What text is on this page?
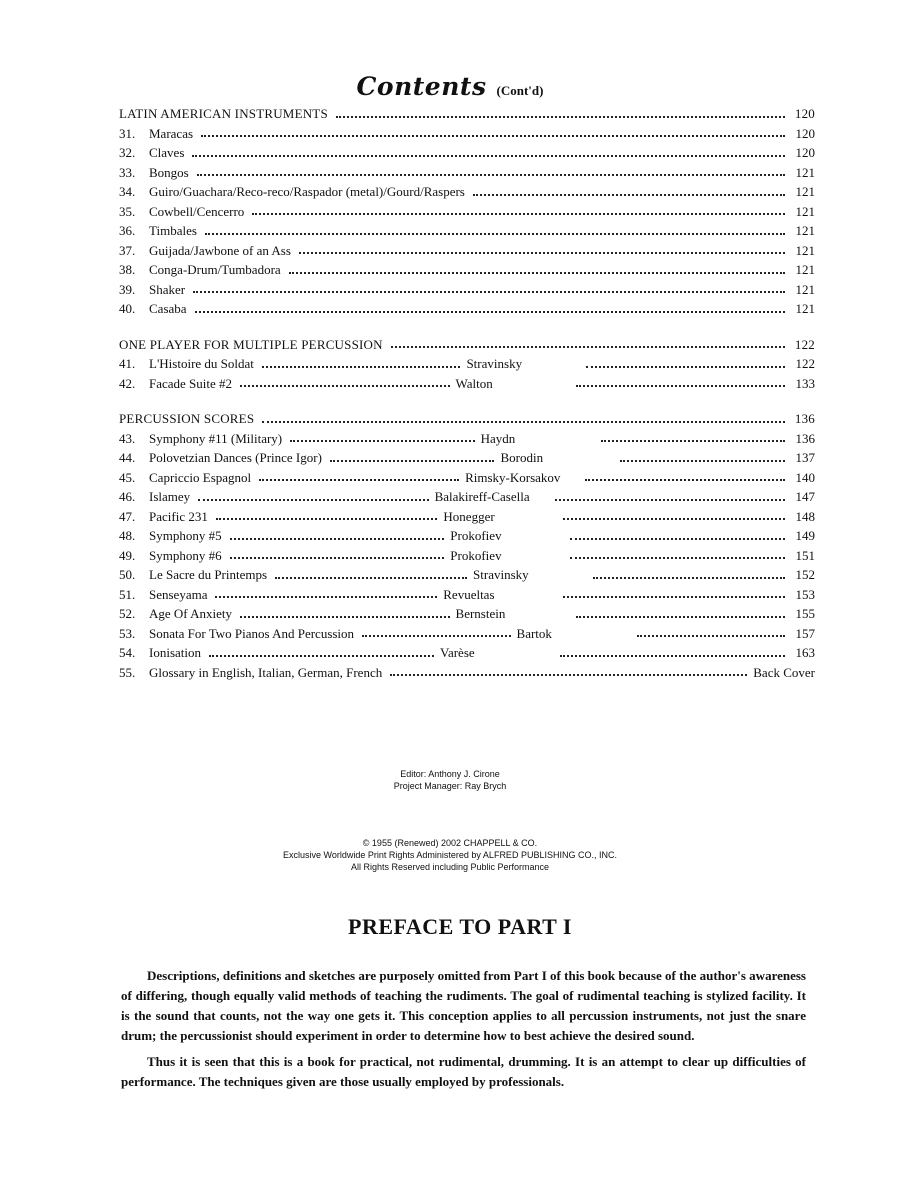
Contents (Cont'd)
LATIN AMERICAN INSTRUMENTS	120
31.	Maracas	120
32.	Claves	120
33.	Bongos	121
34.	Guiro/Guachara/Reco-reco/Raspador (metal)/Gourd/Raspers	121
35.	Cowbell/Cencerro	121
36.	Timbales	121
37.	Guijada/Jawbone of an Ass	121
38.	Conga-Drum/Tumbadora	121
39.	Shaker	121
40.	Casaba	121
ONE PLAYER FOR MULTIPLE PERCUSSION	122
41.	L'Histoire du Soldat	Stravinsky	122
42.	Facade Suite #2	Walton	133
PERCUSSION SCORES	136
43.	Symphony #11 (Military)	Haydn	136
44.	Polovetzian Dances (Prince Igor)	Borodin	137
45.	Capriccio Espagnol	Rimsky-Korsakov	140
46.	Islamey	Balakireff-Casella	147
47.	Pacific 231	Honegger	148
48.	Symphony #5	Prokofiev	149
49.	Symphony #6	Prokofiev	151
50.	Le Sacre du Printemps	Stravinsky	152
51.	Senseyama	Revueltas	153
52.	Age Of Anxiety	Bernstein	155
53.	Sonata For Two Pianos And Percussion	Bartok	157
54.	Ionisation	Varèse	163
55.	Glossary in English, Italian, German, French	Back Cover
Editor: Anthony J. Cirone
Project Manager: Ray Brych
© 1955 (Renewed) 2002 CHAPPELL & CO.
Exclusive Worldwide Print Rights Administered by ALFRED PUBLISHING CO., INC.
All Rights Reserved including Public Performance
PREFACE TO PART I

Descriptions, definitions and sketches are purposely omitted from Part I of this book because of the author's awareness of differing, though equally valid methods of teaching the rudiments. The goal of rudimental teaching is stylized facility. It is the sound that counts, not the way one gets it. This conception applies to all percussion instruments, not just the snare drum; the percussionist should experiment in order to determine how to best achieve the desired sound.

Thus it is seen that this is a book for practical, not rudimental, drumming. It is an attempt to clear up difficulties of performance. The techniques given are those usually employed by professionals.
